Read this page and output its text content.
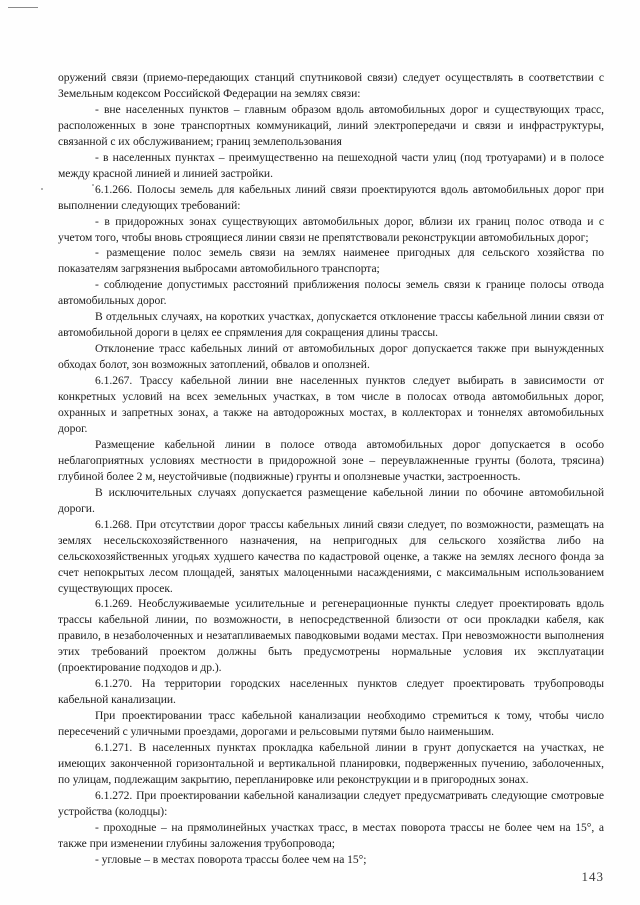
оружений связи (приемо-передающих станций спутниковой связи) следует осуществлять в соответствии с Земельным кодексом Российской Федерации на землях связи:

- вне населенных пунктов – главным образом вдоль автомобильных дорог и существующих трасс, расположенных в зоне транспортных коммуникаций, линий электропередачи и связи и инфраструктуры, связанной с их обслуживанием; границ землепользования

- в населенных пунктах – преимущественно на пешеходной части улиц (под тротуарами) и в полосе между красной линией и линией застройки.

6.1.266. Полосы земель для кабельных линий связи проектируются вдоль автомобильных дорог при выполнении следующих требований:

- в придорожных зонах существующих автомобильных дорог, вблизи их границ полос отвода и с учетом того, чтобы вновь строящиеся линии связи не препятствовали реконструкции автомобильных дорог;

- размещение полос земель связи на землях наименее пригодных для сельского хозяйства по показателям загрязнения выбросами автомобильного транспорта;

- соблюдение допустимых расстояний приближения полосы земель связи к границе полосы отвода автомобильных дорог.

В отдельных случаях, на коротких участках, допускается отклонение трассы кабельной линии связи от автомобильной дороги в целях ее спрямления для сокращения длины трассы.

Отклонение трасс кабельных линий от автомобильных дорог допускается также при вынужденных обходах болот, зон возможных затоплений, обвалов и оползней.

6.1.267. Трассу кабельной линии вне населенных пунктов следует выбирать в зависимости от конкретных условий на всех земельных участках, в том числе в полосах отвода автомобильных дорог, охранных и запретных зонах, а также на автодорожных мостах, в коллекторах и тоннелях автомобильных дорог.

Размещение кабельной линии в полосе отвода автомобильных дорог допускается в особо неблагоприятных условиях местности в придорожной зоне – переувлажненные грунты (болота, трясина) глубиной более 2 м, неустойчивые (подвижные) грунты и оползневые участки, застроенность.

В исключительных случаях допускается размещение кабельной линии по обочине автомобильной дороги.

6.1.268. При отсутствии дорог трассы кабельных линий связи следует, по возможности, размещать на землях несельскохозяйственного назначения, на непригодных для сельского хозяйства либо на сельскохозяйственных угодьях худшего качества по кадастровой оценке, а также на землях лесного фонда за счет непокрытых лесом площадей, занятых малоценными насаждениями, с максимальным использованием существующих просек.

6.1.269. Необслуживаемые усилительные и регенерационные пункты следует проектировать вдоль трассы кабельной линии, по возможности, в непосредственной близости от оси прокладки кабеля, как правило, в незаболоченных и незатапливаемых паводковыми водами местах. При невозможности выполнения этих требований проектом должны быть предусмотрены нормальные условия их эксплуатации (проектирование подходов и др.).

6.1.270. На территории городских населенных пунктов следует проектировать трубопроводы кабельной канализации.

При проектировании трасс кабельной канализации необходимо стремиться к тому, чтобы число пересечений с уличными проездами, дорогами и рельсовыми путями было наименьшим.

6.1.271. В населенных пунктах прокладка кабельной линии в грунт допускается на участках, не имеющих законченной горизонтальной и вертикальной планировки, подверженных пучению, заболоченных, по улицам, подлежащим закрытию, перепланировке или реконструкции и в пригородных зонах.

6.1.272. При проектировании кабельной канализации следует предусматривать следующие смотровые устройства (колодцы):

- проходные – на прямолинейных участках трасс, в местах поворота трассы не более чем на 15°, а также при изменении глубины заложения трубопровода;

- угловые – в местах поворота трассы более чем на 15°;

143
